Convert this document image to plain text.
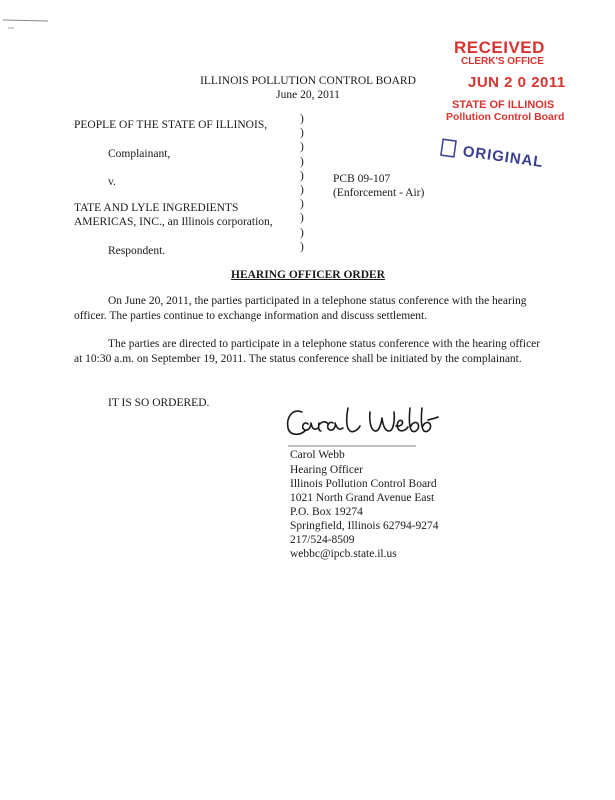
ILLINOIS POLLUTION CONTROL BOARD
June 20, 2011
RECEIVED
CLERK'S OFFICE
JUN 2 0 2011
STATE OF ILLINOIS
Pollution Control Board
ORIGINAL
PEOPLE OF THE STATE OF ILLINOIS,
Complainant,
v.
TATE AND LYLE INGREDIENTS
AMERICAS, INC., an Illinois corporation,
Respondent.
)
)
)
)
)
)
)
)
)
)
PCB 09-107
(Enforcement - Air)
HEARING OFFICER ORDER
On June 20, 2011, the parties participated in a telephone status conference with the hearing officer. The parties continue to exchange information and discuss settlement.
The parties are directed to participate in a telephone status conference with the hearing officer at 10:30 a.m. on September 19, 2011. The status conference shall be initiated by the complainant.
IT IS SO ORDERED.
Carol Webb
Hearing Officer
Illinois Pollution Control Board
1021 North Grand Avenue East
P.O. Box 19274
Springfield, Illinois 62794-9274
217/524-8509
webbc@ipcb.state.il.us
